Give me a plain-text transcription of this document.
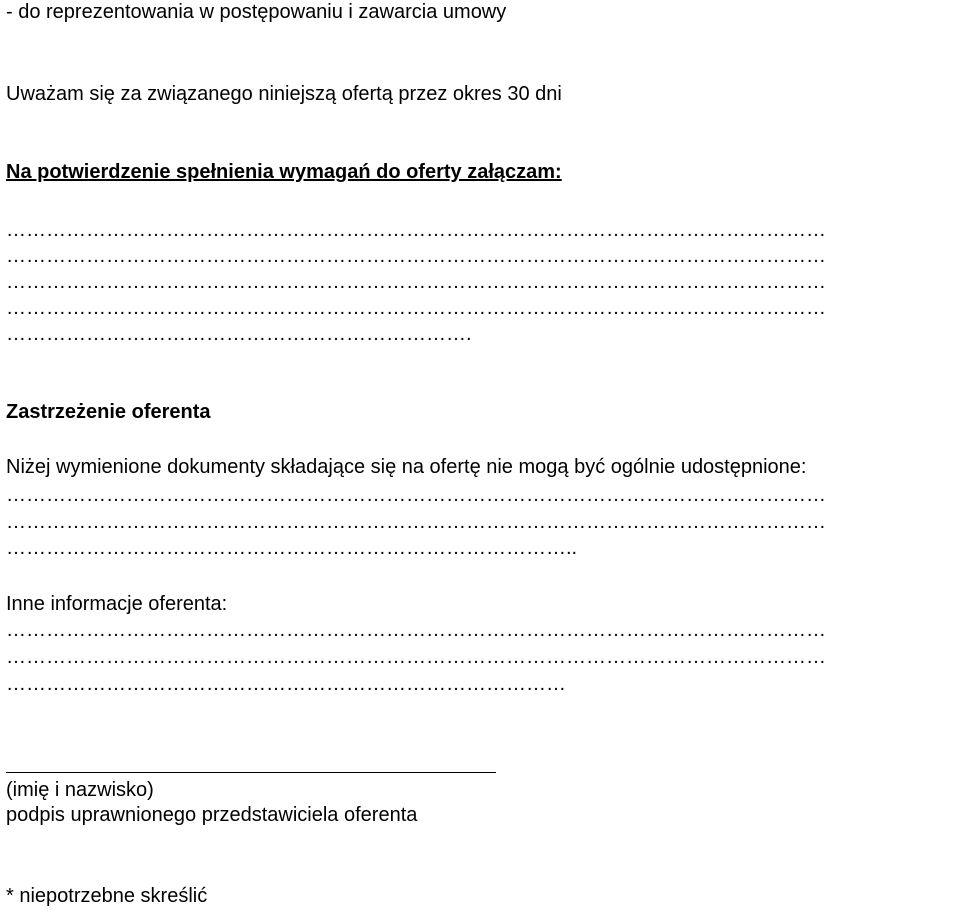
- do reprezentowania w postępowaniu i zawarcia umowy
Uważam się za związanego niniejszą ofertą przez okres 30 dni
Na potwierdzenie spełnienia wymagań do oferty załączam:
……………………………………………………………………………………………………………
……………………………………………………………………………………………………………
……………………………………………………………………………………………………………
……………………………………………………………………………………………………………
…………………………………………………………….
Zastrzeżenie oferenta
Niżej wymienione dokumenty składające się na ofertę nie mogą być ogólnie udostępnione:
……………………………………………………………………………………………………………
……………………………………………………………………………………………………………
…………………………………………………………………………..
Inne informacje oferenta:
……………………………………………………………………………………………………………
……………………………………………………………………………………………………………
…………………………………………………………………………
(imię i nazwisko)
podpis uprawnionego przedstawiciela oferenta
* niepotrzebne skreślić
